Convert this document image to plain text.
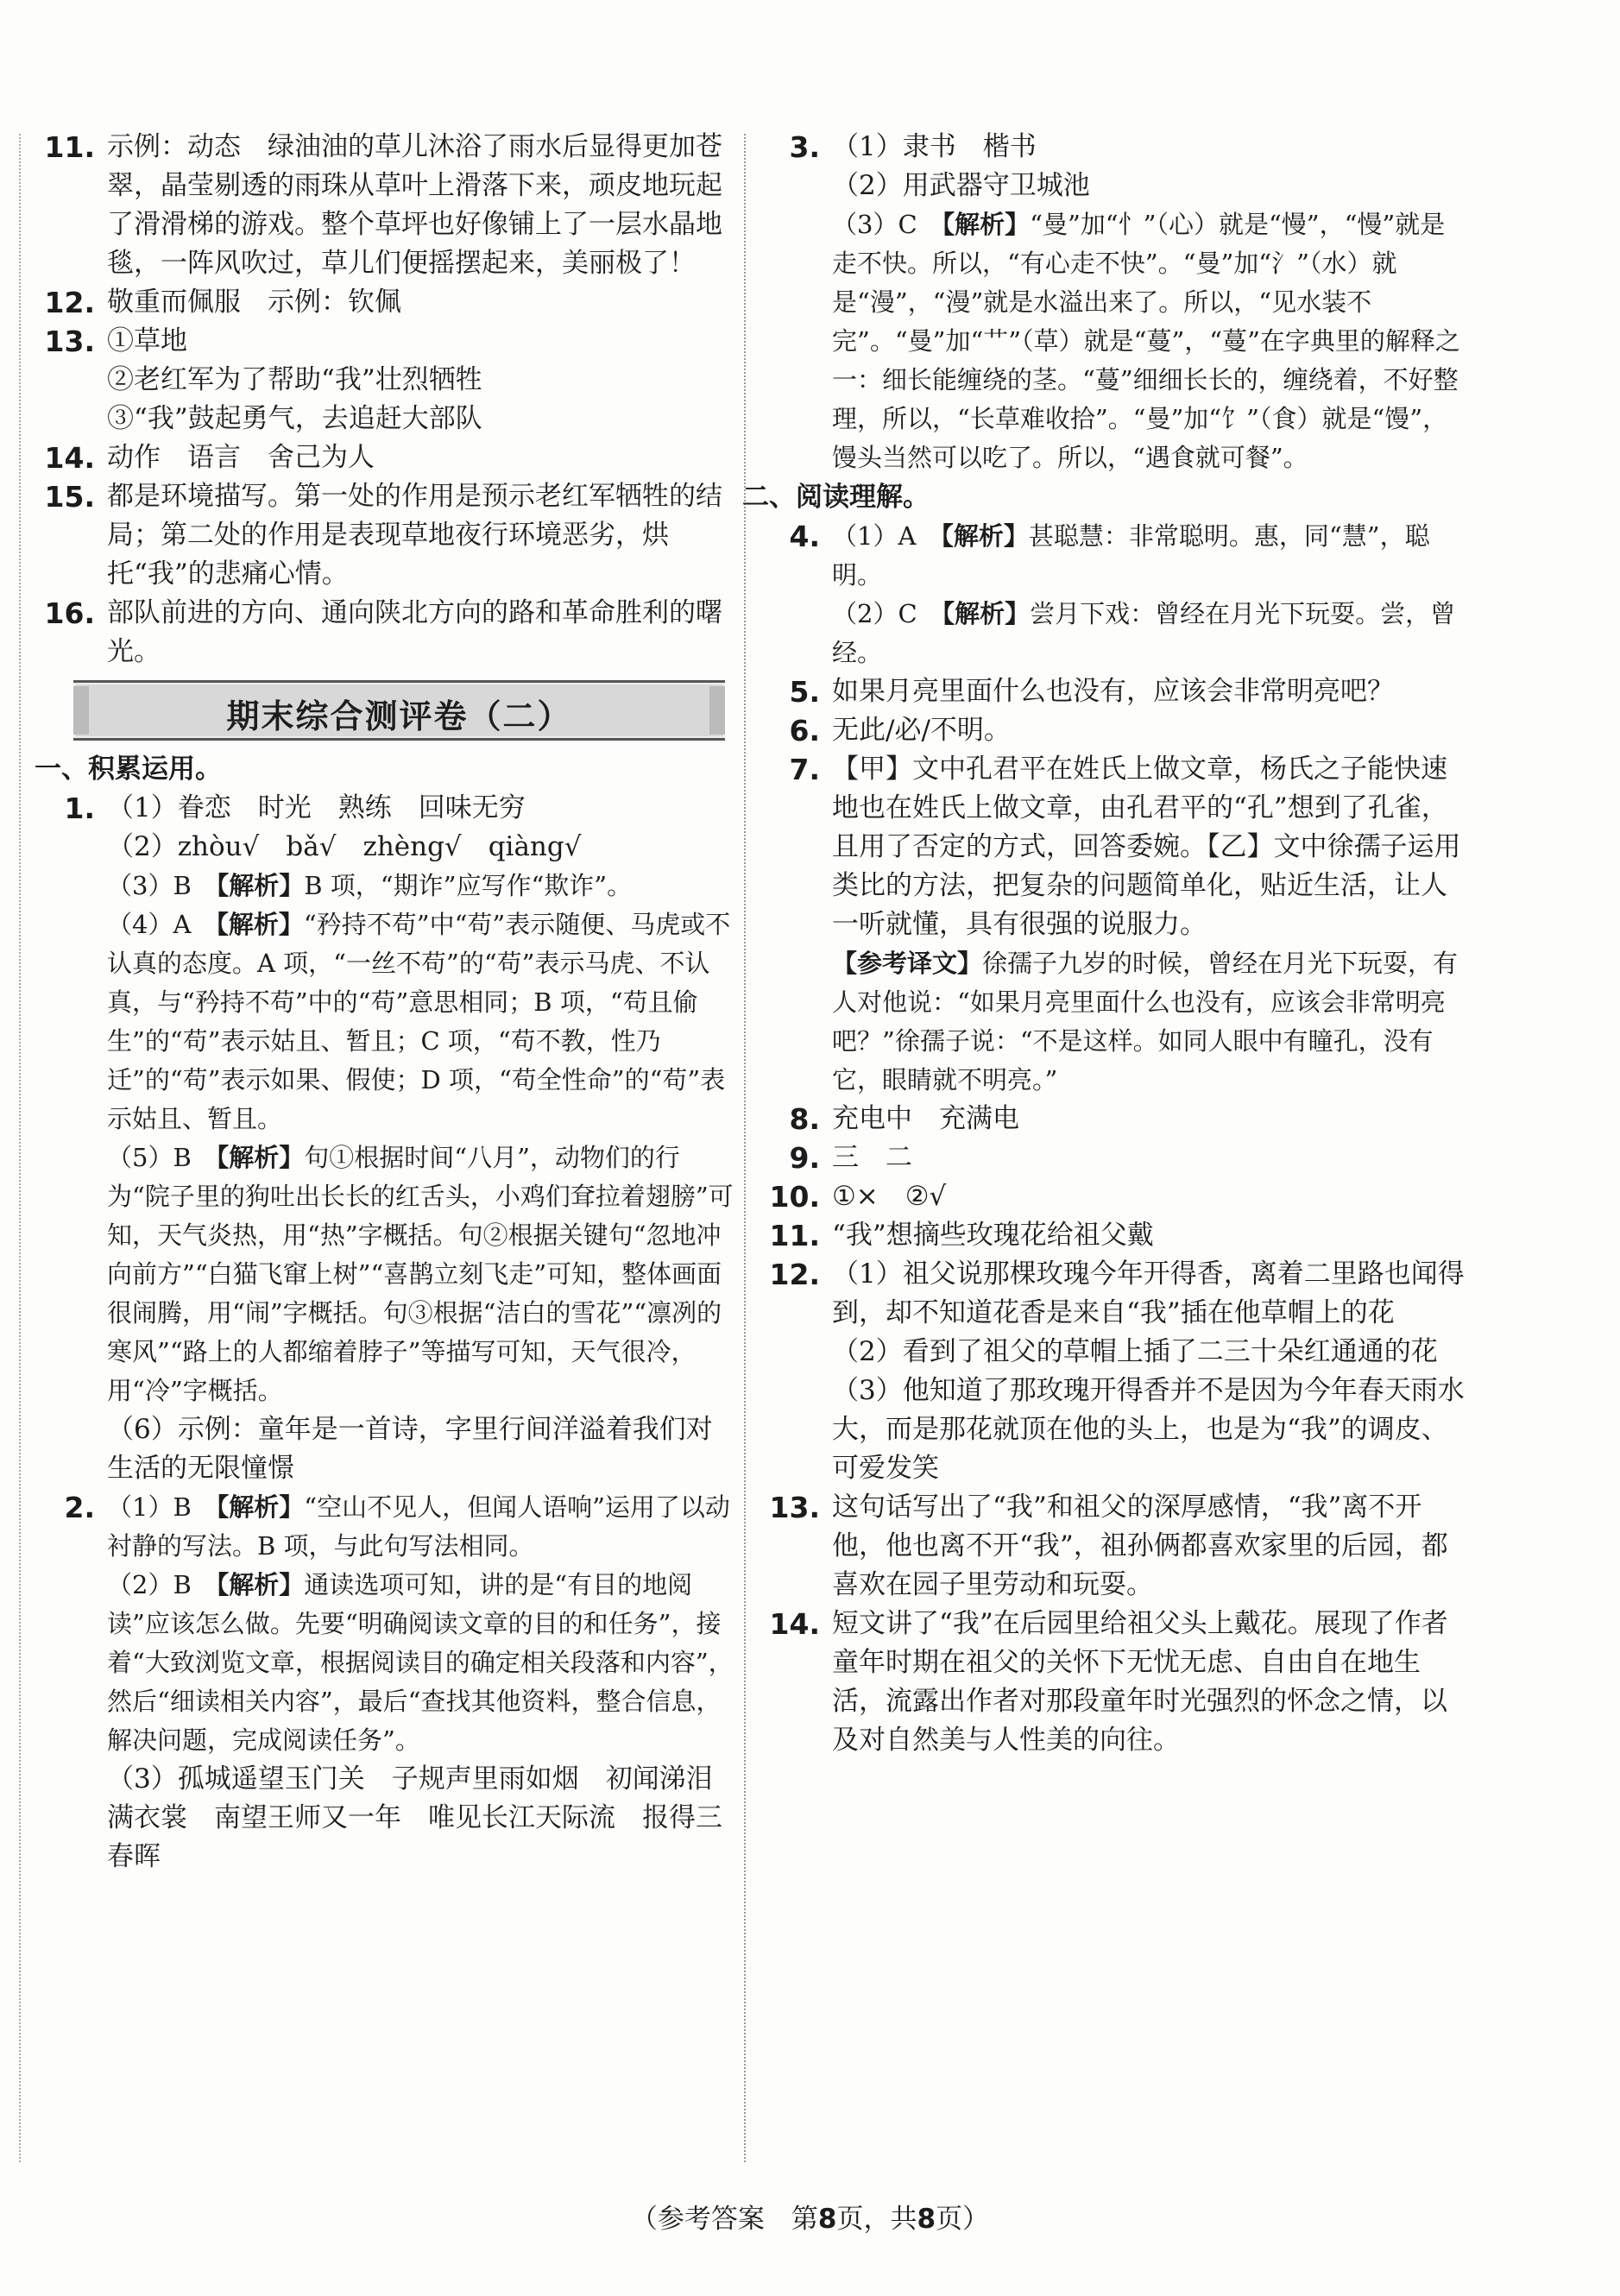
11. 示例：动态　绿油油的草儿沐浴了雨水后显得更加苍翠，晶莹剔透的雨珠从草叶上滑落下来，顽皮地玩起了滑滑梯的游戏。整个草坪也好像铺上了一层水晶地毯，一阵风吹过，草儿们便摇摆起来，美丽极了！
12. 敬重而佩服　示例：钦佩
13. ①草地
②老红军为了帮助“我”壮烈牺牲
③“我”鼓起勇气，去追赶大部队
14. 动作　语言　舍己为人
15. 都是环境描写。第一处的作用是预示老红军牺牲的结局；第二处的作用是表现草地夜行环境恶劣，烘托“我”的悲痛心情。
16. 部队前进的方向、通向陕北方向的路和革命胜利的曙光。
期末综合测评卷（二）
一、积累运用。
1. （1）眷恋　时光　熟练　回味无穷
（2）zhòu√　bǎ√　zhèng√　qiàng√
（3）B　【解析】B 项，“期诈”应写作“欺诈”。
（4）A　【解析】“矜持不苟”中“苟”表示随便、马虎或不认真的态度。A 项，“一丝不苟”的“苟”表示马虎、不认真，与“矜持不苟”中的“苟”意思相同；B 项，“苟且偷生”的“苟”表示姑且、暂且；C 项，“苟不教，性乃迁”的“苟”表示如果、假使；D 项，“苟全性命”的“苟”表示姑且、暂且。
（5）B　【解析】句①根据时间“八月”，动物们的行为“院子里的狗吐出长长的红舌头，小鸡们耷拉着翅膀”可知，天气炎热，用“热”字概括。句②根据关键句“忽地冲向前方”“白猫飞窜上树”“喜鹊立刻飞走”可知，整体画面很闹腾，用“闹”字概括。句③根据“洁白的雪花”“凛冽的寒风”“路上的人都缩着脖子”等描写可知，天气很冷，用“冷”字概括。
（6）示例：童年是一首诗，字里行间洋溢着我们对生活的无限憧憬
2. （1）B　【解析】“空山不见人，但闻人语响”运用了以动衬静的写法。B 项，与此句写法相同。
（2）B　【解析】通读选项可知，讲的是“有目的地阅读”应该怎么做。先要“明确阅读文章的目的和任务”，接着“大致浏览文章，根据阅读目的确定相关段落和内容”，然后“细读相关内容”，最后“查找其他资料，整合信息，解决问题，完成阅读任务”。
（3）孤城遥望玉门关　子规声里雨如烟　初闻涕泪满衣裳　南望王师又一年　唯见长江天际流　报得三春晖
3. （1）隶书　楷书
（2）用武器守卫城池
（3）C　【解析】“曼”加“忄”（心）就是“慢”，“慢”就是走不快。所以，“有心走不快”。“曼”加“氵”（水）就是“漫”，“漫”就是水溢出来了。所以，“见水装不完”。“曼”加“艹”（草）就是“蔓”，“蔓”在字典里的解释之一：细长能缠绕的茎。“蔓”细细长长的，缠绕着，不好整理，所以，“长草难收拾”。“曼”加“饣”（食）就是“馒”，馒头当然可以吃了。所以，“遇食就可餐”。
二、阅读理解。
4. （1）A　【解析】甚聪慧：非常聪明。惠，同“慧”，聪明。
（2）C　【解析】尝月下戏：曾经在月光下玩耍。尝，曾经。
5. 如果月亮里面什么也没有，应该会非常明亮吧？
6. 无此/必/不明。
7. 【甲】文中孔君平在姓氏上做文章，杨氏之子能快速地也在姓氏上做文章，由孔君平的“孔”想到了孔雀，且用了否定的方式，回答委婉。【乙】文中徐孺子运用类比的方法，把复杂的问题简单化，贴近生活，让人一听就懂，具有很强的说服力。
【参考译文】徐孺子九岁的时候，曾经在月光下玩耍，有人对他说：“如果月亮里面什么也没有，应该会非常明亮吧？”徐孺子说：“不是这样。如同人眼中有瞳孔，没有它，眼睛就不明亮。”
8. 充电中　充满电
9. 三　二
10. ①×　②√
11. “我”想摘些玫瑰花给祖父戴
12. （1）祖父说那棵玫瑰今年开得香，离着二里路也闻得到，却不知道花香是来自“我”插在他草帽上的花
（2）看到了祖父的草帽上插了二三十朵红通通的花
（3）他知道了那玫瑰开得香并不是因为今年春天雨水大，而是那花就顶在他的头上，也是为“我”的调皮、可爱发笑
13. 这句话写出了“我”和祖父的深厚感情，“我”离不开他，他也离不开“我”，祖孙俩都喜欢家里的后园，都喜欢在园子里劳动和玩耍。
14. 短文讲了“我”在后园里给祖父头上戴花。展现了作者童年时期在祖父的关怀下无忧无虑、自由自在地生活，流露出作者对那段童年时光强烈的怀念之情，以及对自然美与人性美的向往。
（参考答案　第8页，共8页）
